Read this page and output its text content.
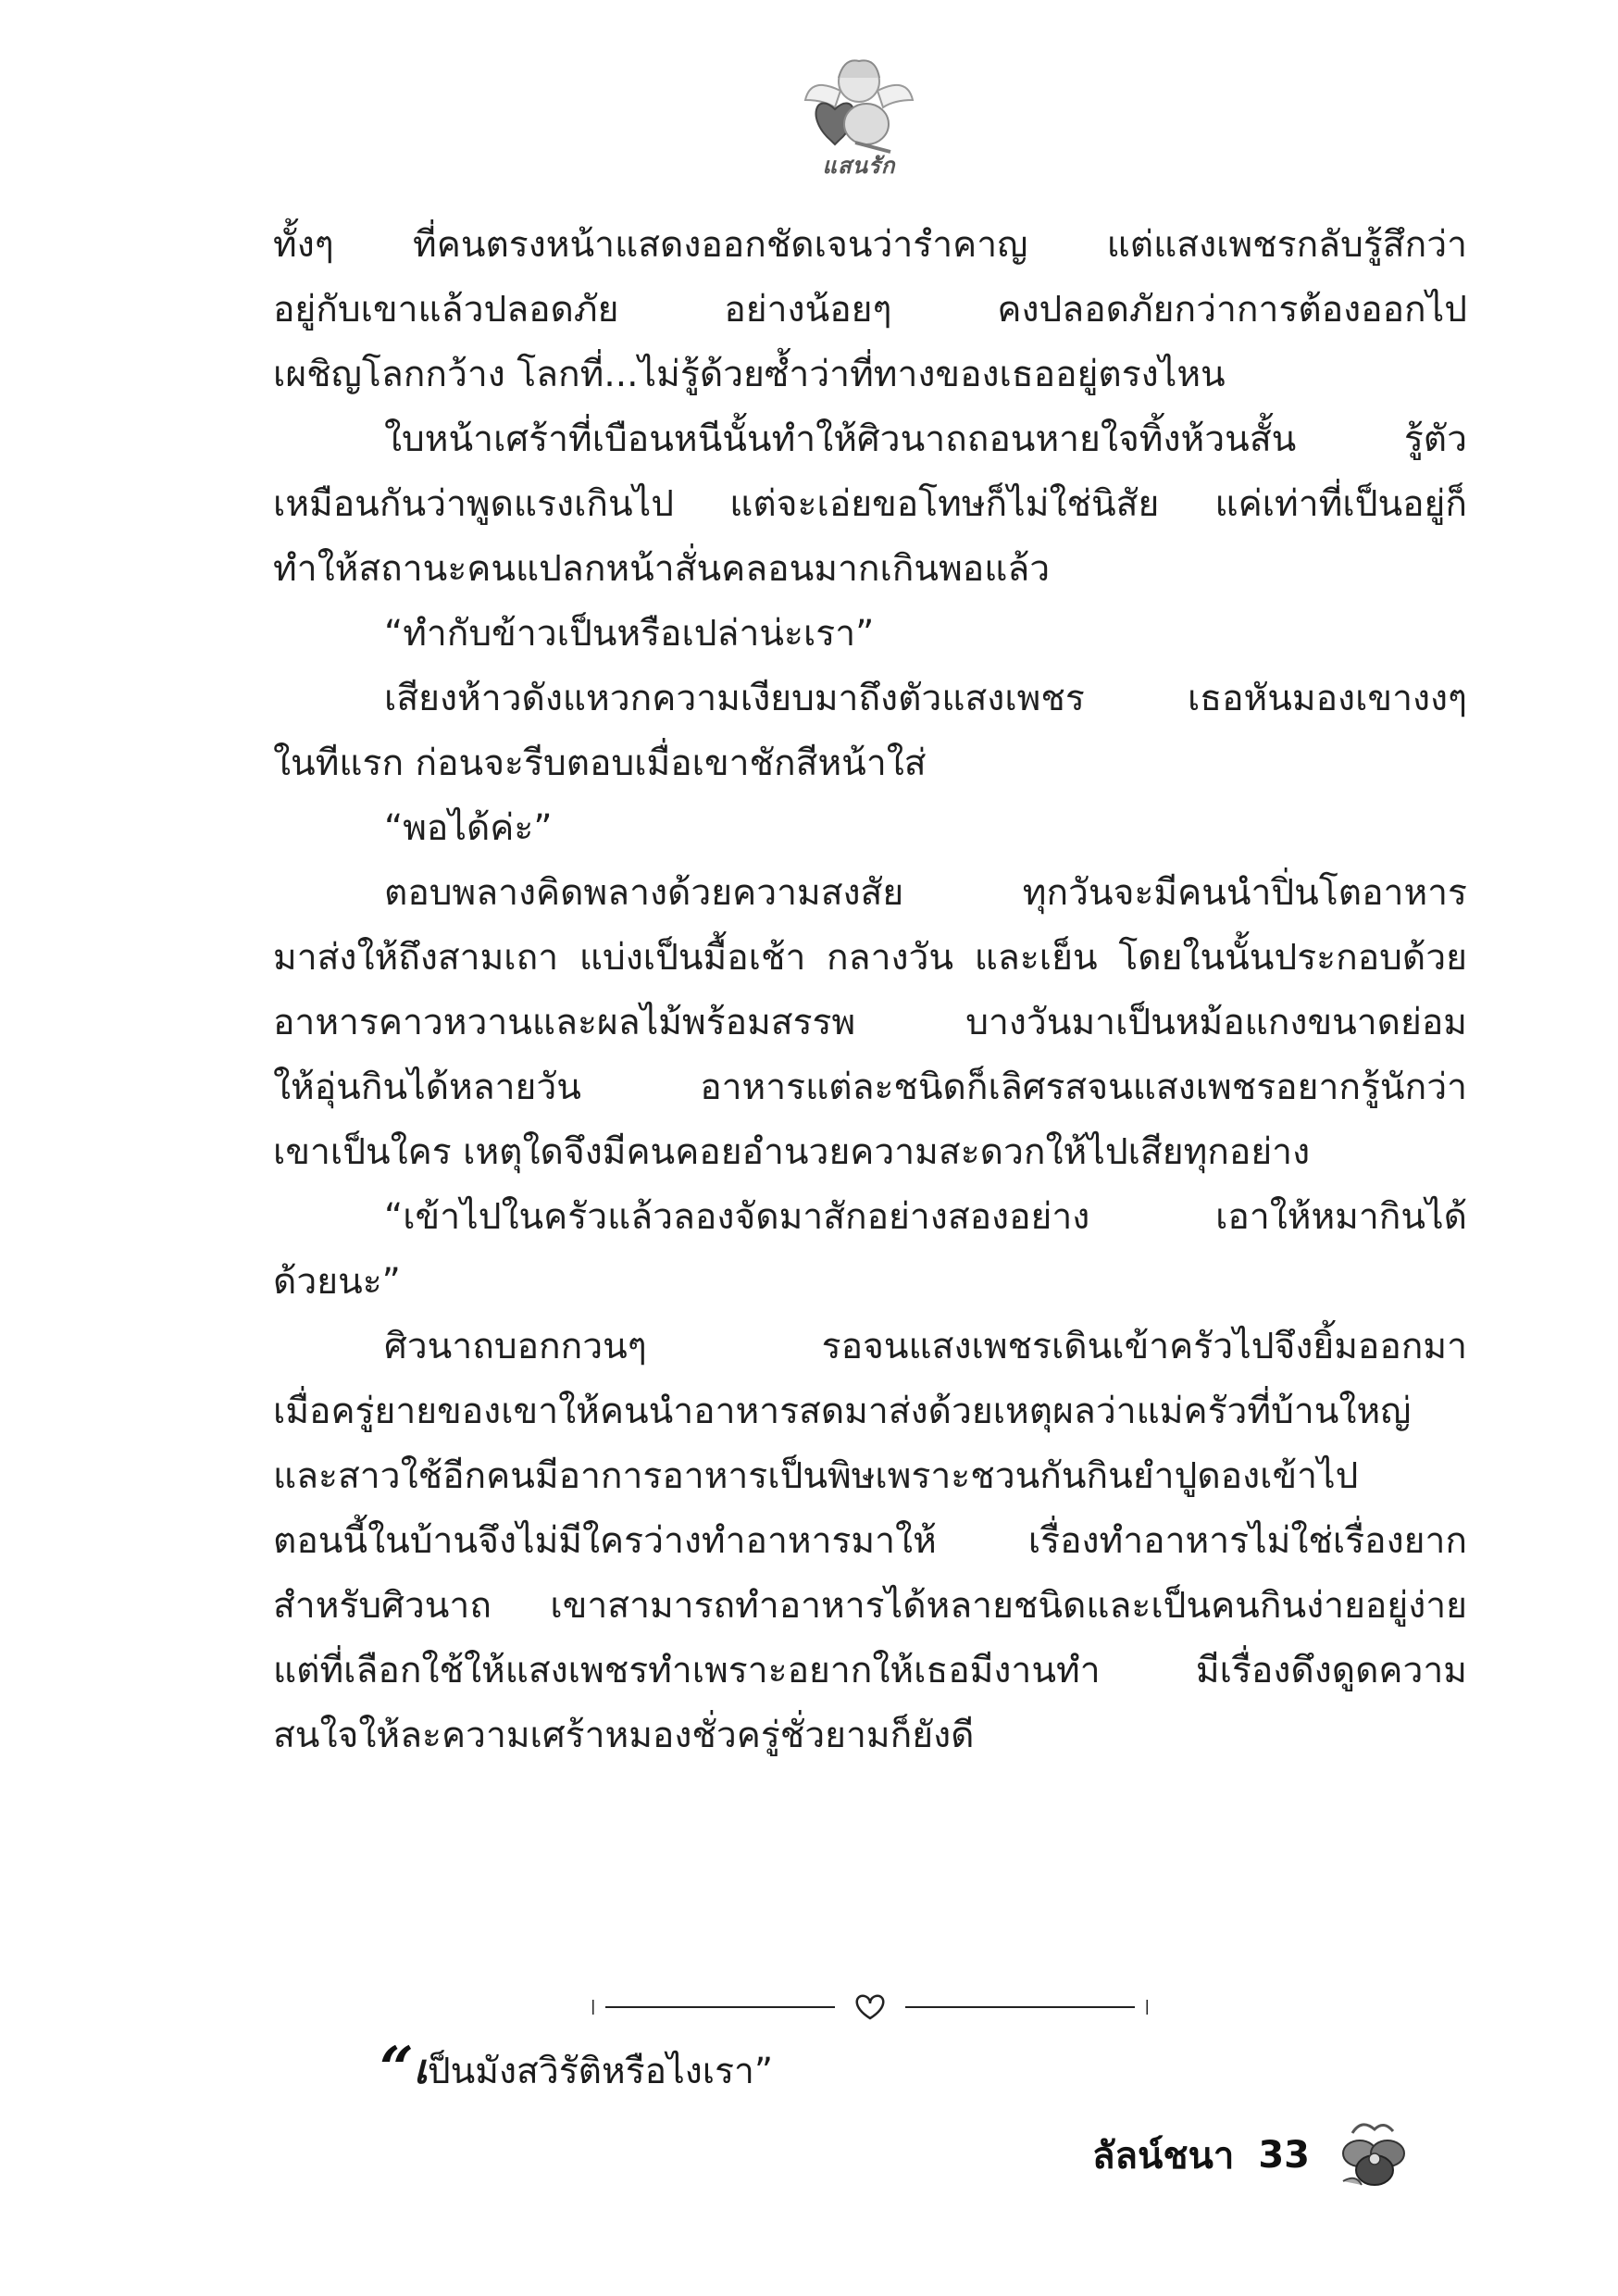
แสนรัก
ทั้งๆ ที่คนตรงหน้าแสดงออกชัดเจนว่ารำคาญ แต่แสงเพชรกลับรู้สึกว่า
อยู่กับเขาแล้วปลอดภัย อย่างน้อยๆ คงปลอดภัยกว่าการต้องออกไป
เผชิญโลกกว้าง โลกที่...ไม่รู้ด้วยซ้ำว่าที่ทางของเธออยู่ตรงไหน
ใบหน้าเศร้าที่เบือนหนีนั้นทำให้ศิวนาถถอนหายใจทิ้งห้วนสั้น รู้ตัว
เหมือนกันว่าพูดแรงเกินไป แต่จะเอ่ยขอโทษก็ไม่ใช่นิสัย แค่เท่าที่เป็นอยู่ก็
ทำให้สถานะคนแปลกหน้าสั่นคลอนมากเกินพอแล้ว
“ทำกับข้าวเป็นหรือเปล่าน่ะเรา”
เสียงห้าวดังแหวกความเงียบมาถึงตัวแสงเพชร เธอหันมองเขางงๆ
ในทีแรก ก่อนจะรีบตอบเมื่อเขาชักสีหน้าใส่
“พอได้ค่ะ”
ตอบพลางคิดพลางด้วยความสงสัย ทุกวันจะมีคนนำปิ่นโตอาหาร
มาส่งให้ถึงสามเถา แบ่งเป็นมื้อเช้า กลางวัน และเย็น โดยในนั้นประกอบด้วย
อาหารคาวหวานและผลไม้พร้อมสรรพ บางวันมาเป็นหม้อแกงขนาดย่อม
ให้อุ่นกินได้หลายวัน อาหารแต่ละชนิดก็เลิศรสจนแสงเพชรอยากรู้นักว่า
เขาเป็นใคร เหตุใดจึงมีคนคอยอำนวยความสะดวกให้ไปเสียทุกอย่าง
“เข้าไปในครัวแล้วลองจัดมาสักอย่างสองอย่าง เอาให้หมากินได้
ด้วยนะ”
ศิวนาถบอกกวนๆ รอจนแสงเพชรเดินเข้าครัวไปจึงยิ้มออกมา
เมื่อครู่ยายของเขาให้คนนำอาหารสดมาส่งด้วยเหตุผลว่าแม่ครัวที่บ้านใหญ่
และสาวใช้อีกคนมีอาการอาหารเป็นพิษเพราะชวนกันกินยำปูดองเข้าไป
ตอนนี้ในบ้านจึงไม่มีใครว่างทำอาหารมาให้ เรื่องทำอาหารไม่ใช่เรื่องยาก
สำหรับศิวนาถ เขาสามารถทำอาหารได้หลายชนิดและเป็นคนกินง่ายอยู่ง่าย
แต่ที่เลือกใช้ให้แสงเพชรทำเพราะอยากให้เธอมีงานทำ มีเรื่องดึงดูดความ
สนใจให้ละความเศร้าหมองชั่วครู่ชั่วยามก็ยังดี
“เป็นมังสวิรัติหรือไงเรา”
ลัลน์ชนา 33
